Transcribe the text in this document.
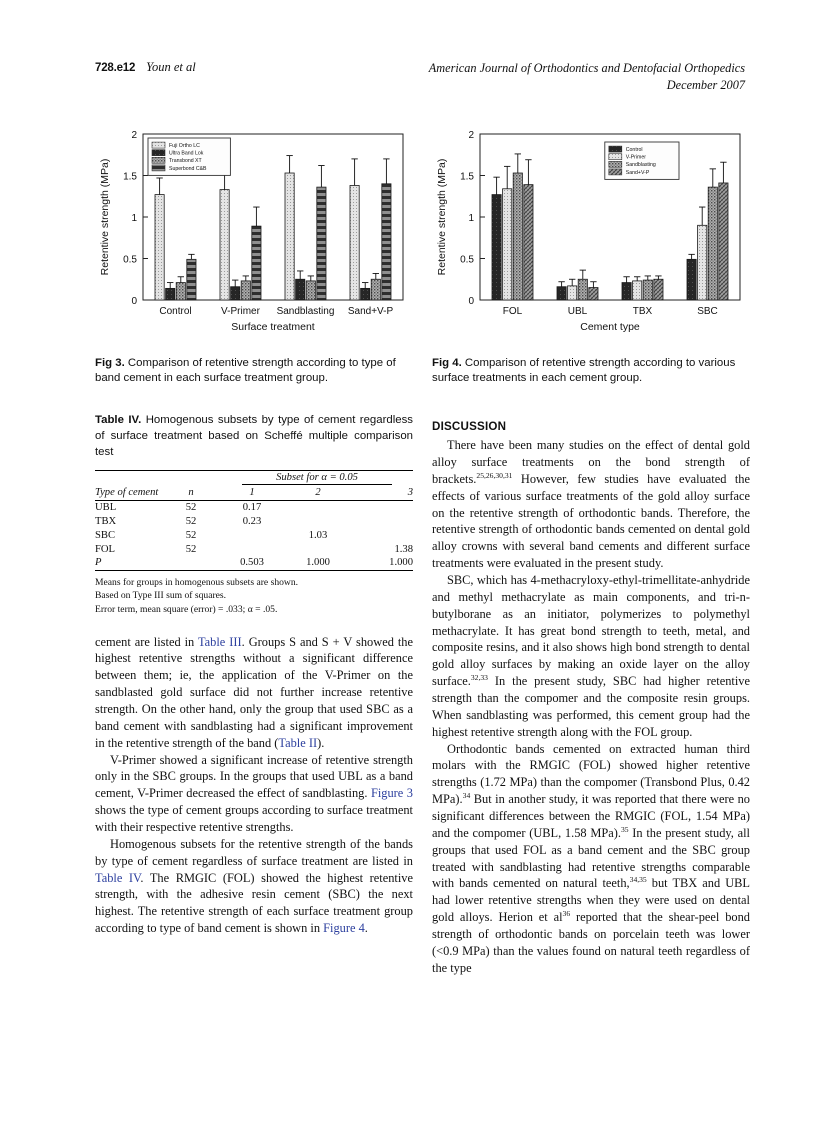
728.e12 Youn et al	American Journal of Orthodontics and Dentofacial Orthopedics
December 2007
0
0.5
1
1.5
2
Retentive strength (MPa)
Control	V-Primer Sandblasting Sand+V-P
Surface treatment
Fuji Ortho LC
Ultra Band Lok
Transbond XT
Superbond C&B
Fig 3. Comparison of retentive strength according to type of band cement in each surface treatment group.
Table IV. Homogenous subsets by type of cement regardless of surface treatment based on Scheffé multiple comparison test
		Subset for α = 0.05		
Type of cement	n	1	2	3
UBL	52	0.17		
TBX	52	0.23		
SBC	52		1.03	
FOL	52			1.38
P		0.503	1.000	1.000
Means for groups in homogenous subsets are shown.
Based on Type III sum of squares.
Error term, mean square (error) = .033; α = .05.

cement are listed in Table III. Groups S and S + V showed the highest retentive strengths without a significant difference between them; ie, the application of the V-Primer on the sandblasted gold surface did not further increase retentive strength. On the other hand, only the group that used SBC as a band cement with sandblasting had a significant improvement in the retentive strength of the band (Table II).

V-Primer showed a significant increase of retentive strength only in the SBC groups. In the groups that used UBL as a band cement, V-Primer decreased the effect of sandblasting. Figure 3 shows the type of cement groups according to surface treatment with their respective retentive strengths.

Homogenous subsets for the retentive strength of the bands by type of cement regardless of surface treatment are listed in Table IV. The RMGIC (FOL) showed the highest retentive strength, with the adhesive resin cement (SBC) the next highest. The retentive strength of each surface treatment group according to type of band cement is shown in Figure 4.

0
0.5
1
1.5
2
Retentive strength (MPa)
FOL	UBL	TBX	SBC
Cement type
Control
V-Primer
Sandblasting
Sand+V-P
Fig 4. Comparison of retentive strength according to various surface treatments in each cement group.
DISCUSSION

There have been many studies on the effect of dental gold alloy surface treatments on the bond strength of brackets.$^{25,26,30,31}$ However, few studies have evaluated the effects of various surface treatments of the gold alloy surface on the retentive strength of orthodontic bands. Therefore, the retentive strength of orthodontic bands cemented on dental gold alloy crowns with several band cements and different surface treatments were evaluated in the present study.

SBC, which has 4-methacryloxy-ethyl-trimellitate-anhydride and methyl methacrylate as main components, and tri-n-butylborane as an initiator, polymerizes to polymethyl methacrylate. It has great bond strength to teeth, metal, and composite resins, and it also shows high bond strength to dental gold alloy surfaces by making an oxide layer on the alloy surface.$^{32,33}$ In the present study, SBC had higher retentive strength than the compomer and the composite resin groups. When sandblasting was performed, this cement group had the highest retentive strength along with the FOL group.

Orthodontic bands cemented on extracted human third molars with the RMGIC (FOL) showed higher retentive strengths (1.72 MPa) than the compomer (Transbond Plus, 0.42 MPa).$^{34}$ But in another study, it was reported that there were no significant differences between the RMGIC (FOL, 1.54 MPa) and the compomer (UBL, 1.58 MPa).$^{35}$ In the present study, all groups that used FOL as a band cement and the SBC group treated with sandblasting had retentive strengths comparable with bands cemented on natural teeth,$^{34,35}$ but TBX and UBL had lower retentive strengths when they were used on dental gold alloys. Herion et $al^{36}$ reported that the shear-peel bond strength of orthodontic bands on porcelain teeth was lower (<0.9 MPa) than the values found on natural teeth regardless of the type
